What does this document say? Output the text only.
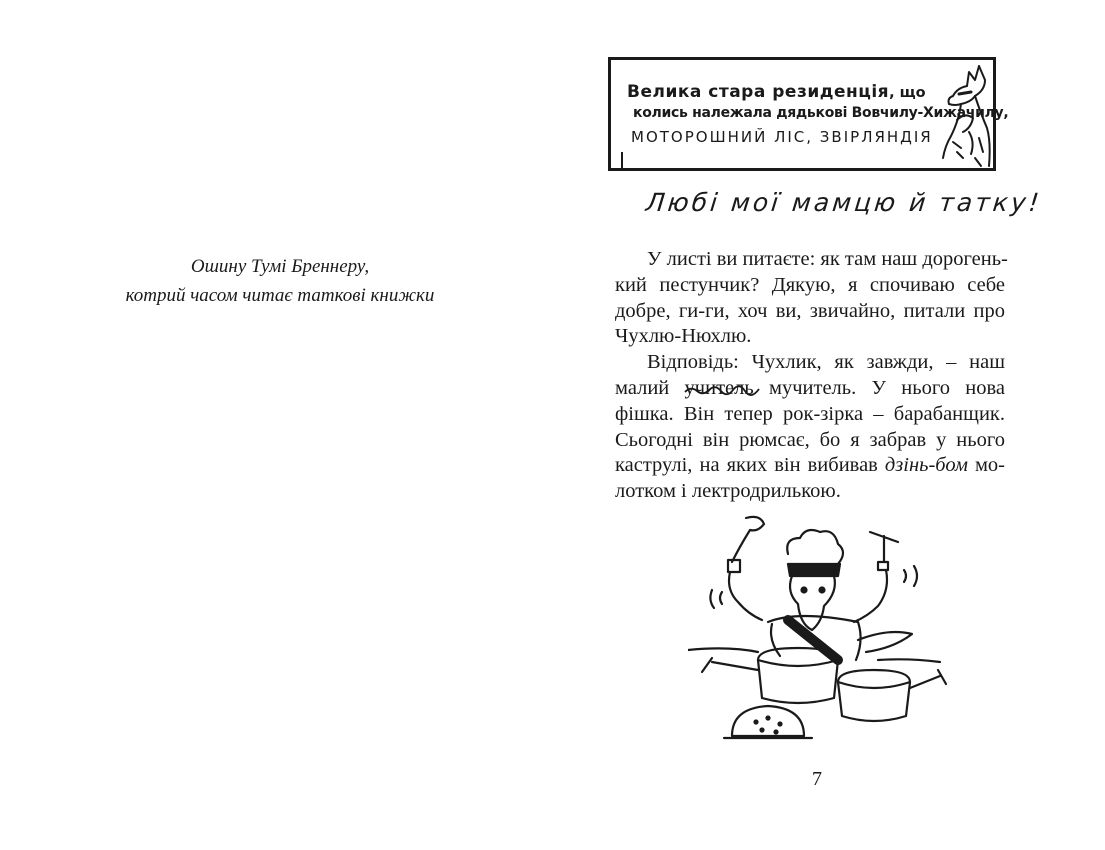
Ошину Тумі Бреннеру,
котрий часом читає таткові книжки
Велика стара резиденція, що
колись належала дядькові Вовчилу-Хижачилу,
МОТОРОШНИЙ ЛІС, ЗВІРЛЯНДІЯ
Любі мої мамцю й татку!
У листі ви питаєте: як там наш дорогень-
кий пестунчик? Дякую, я спочиваю себе
добре, ги-ги, хоч ви, звичайно, питали про
Чухлю-Нюхлю.
Відповідь: Чухлик, як завжди, – наш
малий учитель
мучитель. У нього нова
фішка. Він тепер рок-зірка – барабанщик.
Сьогодні він рюмсає, бо я забрав у нього
каструлі, на яких він вибивав дзінь-бом мо-
лотком і лектродрилькою.
7
